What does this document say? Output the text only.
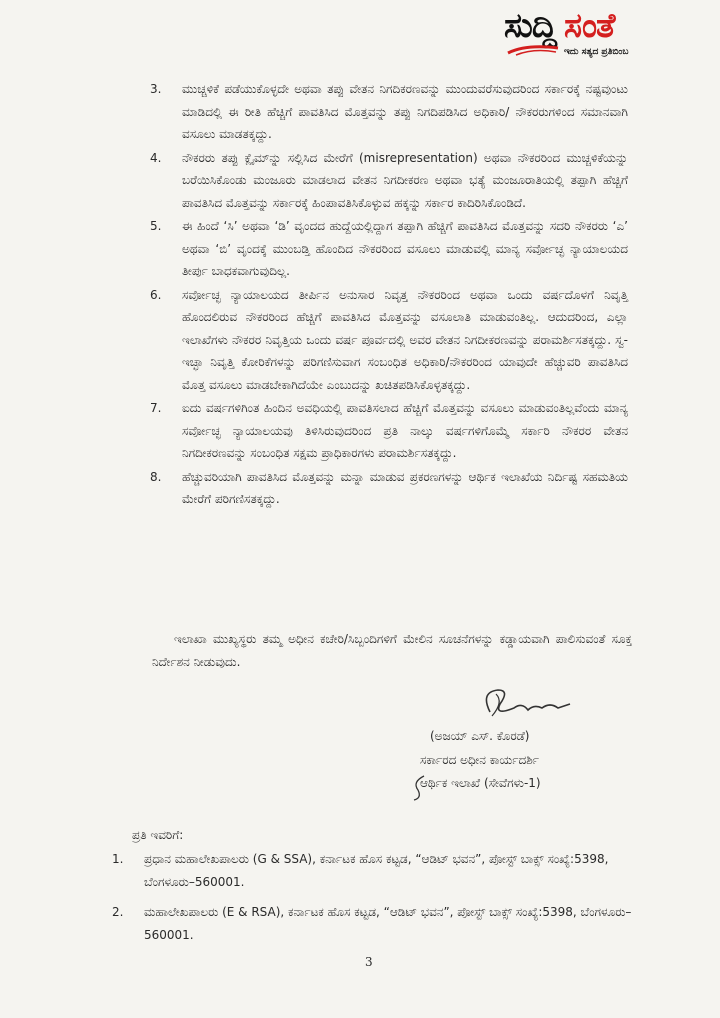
ಸುದ್ದಿ ಸಂತೆ
ಇದು ಸತ್ಯದ ಪ್ರತಿಬಿಂಬ
3.	ಮುಚ್ಚಳಿಕೆ ಪಡೆಯುಕೊಳ್ಳದೇ ಅಥವಾ ತಪ್ಪು ವೇತನ ನಿಗದಿಕರಣವನ್ನು ಮುಂದುವರೆಸುವುದರಿಂದ ಸರ್ಕಾರಕ್ಕೆ ನಷ್ಟವುಂಟು ಮಾಡಿದಲ್ಲಿ ಈ ರೀತಿ ಹೆಚ್ಚಿಗೆ ಪಾವತಿಸಿದ ಮೊತ್ತವನ್ನು ತಪ್ಪು ನಿಗದಿಪಡಿಸಿದ ಅಧಿಕಾರಿ/ ನೌಕರರುಗಳಿಂದ ಸಮಾನವಾಗಿ ವಸೂಲು ಮಾಡತಕ್ಕದ್ದು.
4.	ನೌಕರರು ತಪ್ಪು ಕ್ಲೈಮ್‌ನ್ನು ಸಲ್ಲಿಸಿದ ಮೇರೆಗೆ (misrepresentation) ಅಥವಾ ನೌಕರರಿಂದ ಮುಚ್ಚಳಿಕೆಯನ್ನು ಬರೆಯಿಸಿಕೊಂಡು ಮಂಜೂರು ಮಾಡಲಾದ ವೇತನ ನಿಗದೀಕರಣ ಅಥವಾ ಭತ್ಯೆ ಮಂಜೂರಾತಿಯಲ್ಲಿ ತಪ್ಪಾಗಿ ಹೆಚ್ಚಿಗೆ ಪಾವತಿಸಿದ ಮೊತ್ತವನ್ನು ಸರ್ಕಾರಕ್ಕೆ ಹಿಂಪಾವತಿಸಿಕೊಳ್ಳುವ ಹಕ್ಕನ್ನು ಸರ್ಕಾರ ಕಾದಿರಿಸಿಕೊಂಡಿದೆ.
5.	ಈ ಹಿಂದೆ ‘ಸಿ’ ಅಥವಾ ‘ಡಿ’ ವೃಂದದ ಹುದ್ದೆಯಲ್ಲಿದ್ದಾಗ ತಪ್ಪಾಗಿ ಹೆಚ್ಚಿಗೆ ಪಾವತಿಸಿದ ಮೊತ್ತವನ್ನು ಸದರಿ ನೌಕರರು ‘ಎ’ ಅಥವಾ ‘ಬಿ’ ವೃಂದಕ್ಕೆ ಮುಂಬಡ್ತಿ ಹೊಂದಿದ ನೌಕರರಿಂದ ವಸೂಲು ಮಾಡುವಲ್ಲಿ ಮಾನ್ಯ ಸರ್ವೋಚ್ಛ ನ್ಯಾಯಾಲಯದ ತೀರ್ಪು ಬಾಧಕವಾಗುವುದಿಲ್ಲ.
6.	ಸರ್ವೋಚ್ಛ ನ್ಯಾಯಾಲಯದ ತೀರ್ಪಿನ ಅನುಸಾರ ನಿವೃತ್ತ ನೌಕರರಿಂದ ಅಥವಾ ಒಂದು ವರ್ಷದೊಳಗೆ ನಿವೃತ್ತಿ ಹೊಂದಲಿರುವ ನೌಕರರಿಂದ ಹೆಚ್ಚಿಗೆ ಪಾವತಿಸಿದ ಮೊತ್ತವನ್ನು ವಸೂಲಾತಿ ಮಾಡುವಂತಿಲ್ಲ. ಆದುದರಿಂದ, ಎಲ್ಲಾ ಇಲಾಖೆಗಳು ನೌಕರರ ನಿವೃತ್ತಿಯ ಒಂದು ವರ್ಷ ಪೂರ್ವದಲ್ಲಿ ಅವರ ವೇತನ ನಿಗದೀಕರಣವನ್ನು ಪರಾಮರ್ಶಿಸತಕ್ಕದ್ದು. ಸ್ವ-ಇಚ್ಛಾ ನಿವೃತ್ತಿ ಕೋರಿಕೆಗಳನ್ನು ಪರಿಗಣಿಸುವಾಗ ಸಂಬಂಧಿತ ಅಧಿಕಾರಿ/ನೌಕರರಿಂದ ಯಾವುದೇ ಹೆಚ್ಚುವರಿ ಪಾವತಿಸಿದ ಮೊತ್ತ ವಸೂಲು ಮಾಡಬೇಕಾಗಿದೆಯೇ ಎಂಬುದನ್ನು ಖಚಿತಪಡಿಸಿಕೊಳ್ಳತಕ್ಕದ್ದು.
7.	ಐದು ವರ್ಷಗಳಿಗಿಂತ ಹಿಂದಿನ ಅವಧಿಯಲ್ಲಿ ಪಾವತಿಸಲಾದ ಹೆಚ್ಚಿಗೆ ಮೊತ್ತವನ್ನು ವಸೂಲು ಮಾಡುವಂತಿಲ್ಲವೆಂದು ಮಾನ್ಯ ಸರ್ವೋಚ್ಛ ನ್ಯಾಯಾಲಯವು ತಿಳಿಸಿರುವುದರಿಂದ ಪ್ರತಿ ನಾಲ್ಕು ವರ್ಷಗಳಿಗೊಮ್ಮೆ ಸರ್ಕಾರಿ ನೌಕರರ ವೇತನ ನಿಗದೀಕರಣವನ್ನು ಸಂಬಂಧಿತ ಸಕ್ಷಮ ಪ್ರಾಧಿಕಾರಗಳು ಪರಾಮರ್ಶಿಸತಕ್ಕದ್ದು.
8.	ಹೆಚ್ಚುವರಿಯಾಗಿ ಪಾವತಿಸಿದ ಮೊತ್ತವನ್ನು ಮನ್ನಾ ಮಾಡುವ ಪ್ರಕರಣಗಳನ್ನು ಆರ್ಥಿಕ ಇಲಾಖೆಯ ನಿರ್ದಿಷ್ಟ ಸಹಮತಿಯ ಮೇರೆಗೆ ಪರಿಗಣಿಸತಕ್ಕದ್ದು.
ಇಲಾಖಾ ಮುಖ್ಯಸ್ಥರು ತಮ್ಮ ಅಧೀನ ಕಚೇರಿ/ಸಿಬ್ಬಂದಿಗಳಿಗೆ ಮೇಲಿನ ಸೂಚನೆಗಳನ್ನು ಕಡ್ಡಾಯವಾಗಿ ಪಾಲಿಸುವಂತೆ ಸೂಕ್ತ ನಿರ್ದೇಶನ ನೀಡುವುದು.
(ಅಜಯ್ ಎಸ್. ಕೊರಡೆ)
ಸರ್ಕಾರದ ಅಧೀನ ಕಾರ್ಯದರ್ಶಿ
ಆರ್ಥಿಕ ಇಲಾಖೆ (ಸೇವೆಗಳು-1)
ಪ್ರತಿ ಇವರಿಗೆ:
1. ಪ್ರಧಾನ ಮಹಾಲೇಖಪಾಲರು (G & SSA), ಕರ್ನಾಟಕ ಹೊಸ ಕಟ್ಟಡ, “ಆಡಿಟ್ ಭವನ”, ಪೋಸ್ಟ್ ಬಾಕ್ಸ್ ಸಂಖ್ಯೆ:5398, ಬೆಂಗಳೂರು–560001.
2. ಮಹಾಲೇಖಪಾಲರು (E & RSA), ಕರ್ನಾಟಕ ಹೊಸ ಕಟ್ಟಡ, “ಆಡಿಟ್ ಭವನ”, ಪೋಸ್ಟ್ ಬಾಕ್ಸ್ ಸಂಖ್ಯೆ:5398, ಬೆಂಗಳೂರು–560001.
3
